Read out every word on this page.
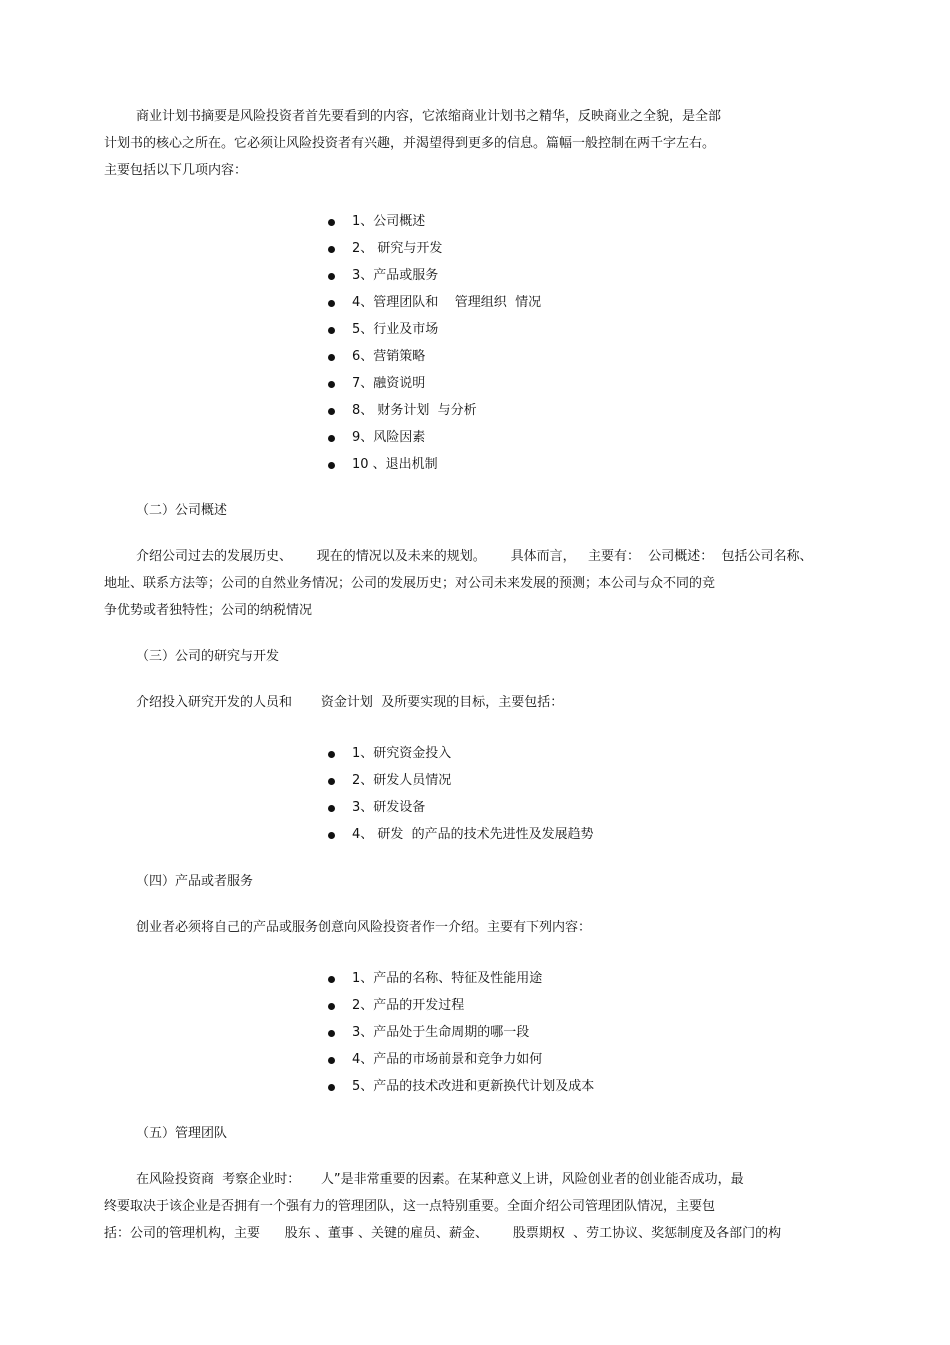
商业计划书摘要是风险投资者首先要看到的内容，它浓缩商业计划书之精华，反映商业之全貌，是全部
计划书的核心之所在。它必须让风险投资者有兴趣，并渴望得到更多的信息。篇幅一般控制在两千字左右。
主要包括以下几项内容：
1、公司概述
2、 研究与开发
3、产品或服务
4、管理团队和    管理组织  情况
5、行业及市场
6、营销策略
7、融资说明
8、 财务计划  与分析
9、风险因素
10 、退出机制
（二）公司概述
介绍公司过去的发展历史、      现在的情况以及未来的规划。      具体而言，   主要有：  公司概述：  包括公司名称、
地址、联系方法等；公司的自然业务情况；公司的发展历史；对公司未来发展的预测；本公司与众不同的竞
争优势或者独特性；公司的纳税情况
（三）公司的研究与开发
介绍投入研究开发的人员和       资金计划  及所要实现的目标，主要包括：
1、研究资金投入
2、研发人员情况
3、研发设备
4、 研发  的产品的技术先进性及发展趋势
（四）产品或者服务
创业者必须将自己的产品或服务创意向风险投资者作一介绍。主要有下列内容：
1、产品的名称、特征及性能用途
2、产品的开发过程
3、产品处于生命周期的哪一段
4、产品的市场前景和竞争力如何
5、产品的技术改进和更新换代计划及成本
（五）管理团队
在风险投资商  考察企业时：     人”是非常重要的因素。在某种意义上讲，风险创业者的创业能否成功，最
终要取决于该企业是否拥有一个强有力的管理团队，这一点特别重要。全面介绍公司管理团队情况，主要包
括：公司的管理机构，主要      股东 、董事 、关键的雇员、薪金、      股票期权  、劳工协议、奖惩制度及各部门的构
